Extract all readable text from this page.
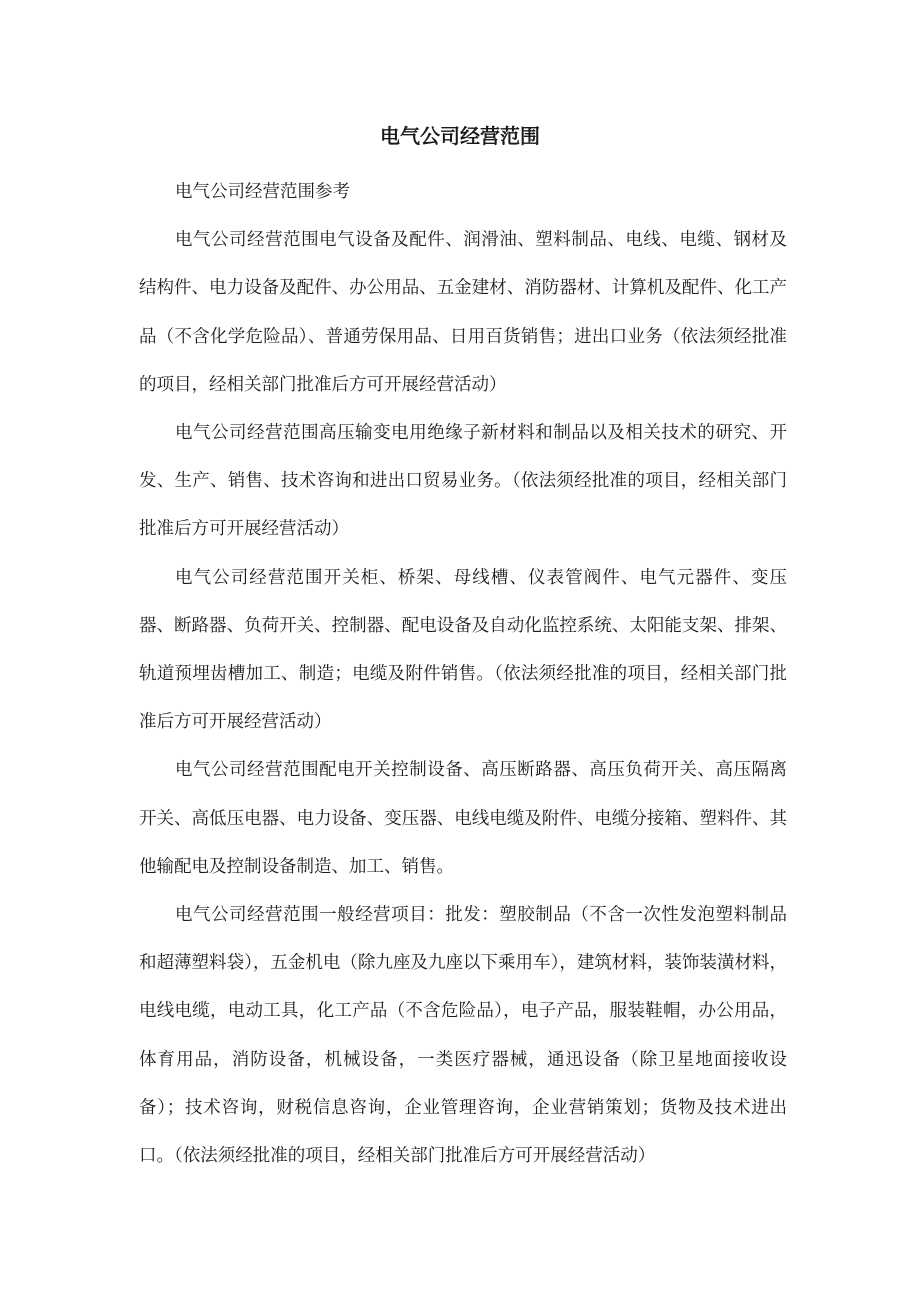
电气公司经营范围

电气公司经营范围参考

电气公司经营范围电气设备及配件、润滑油、塑料制品、电线、电缆、钢材及结构件、电力设备及配件、办公用品、五金建材、消防器材、计算机及配件、化工产品（不含化学危险品）、普通劳保用品、日用百货销售；进出口业务（依法须经批准的项目，经相关部门批准后方可开展经营活动）

电气公司经营范围高压输变电用绝缘子新材料和制品以及相关技术的研究、开发、生产、销售、技术咨询和进出口贸易业务。（依法须经批准的项目，经相关部门批准后方可开展经营活动）

电气公司经营范围开关柜、桥架、母线槽、仪表管阀件、电气元器件、变压器、断路器、负荷开关、控制器、配电设备及自动化监控系统、太阳能支架、排架、轨道预埋齿槽加工、制造；电缆及附件销售。（依法须经批准的项目，经相关部门批准后方可开展经营活动）

电气公司经营范围配电开关控制设备、高压断路器、高压负荷开关、高压隔离开关、高低压电器、电力设备、变压器、电线电缆及附件、电缆分接箱、塑料件、其他输配电及控制设备制造、加工、销售。

电气公司经营范围一般经营项目：批发：塑胶制品（不含一次性发泡塑料制品和超薄塑料袋），五金机电（除九座及九座以下乘用车），建筑材料，装饰装潢材料，电线电缆，电动工具，化工产品（不含危险品），电子产品，服装鞋帽，办公用品，体育用品，消防设备，机械设备，一类医疗器械，通迅设备（除卫星地面接收设备）；技术咨询，财税信息咨询，企业管理咨询，企业营销策划；货物及技术进出口。（依法须经批准的项目，经相关部门批准后方可开展经营活动）
